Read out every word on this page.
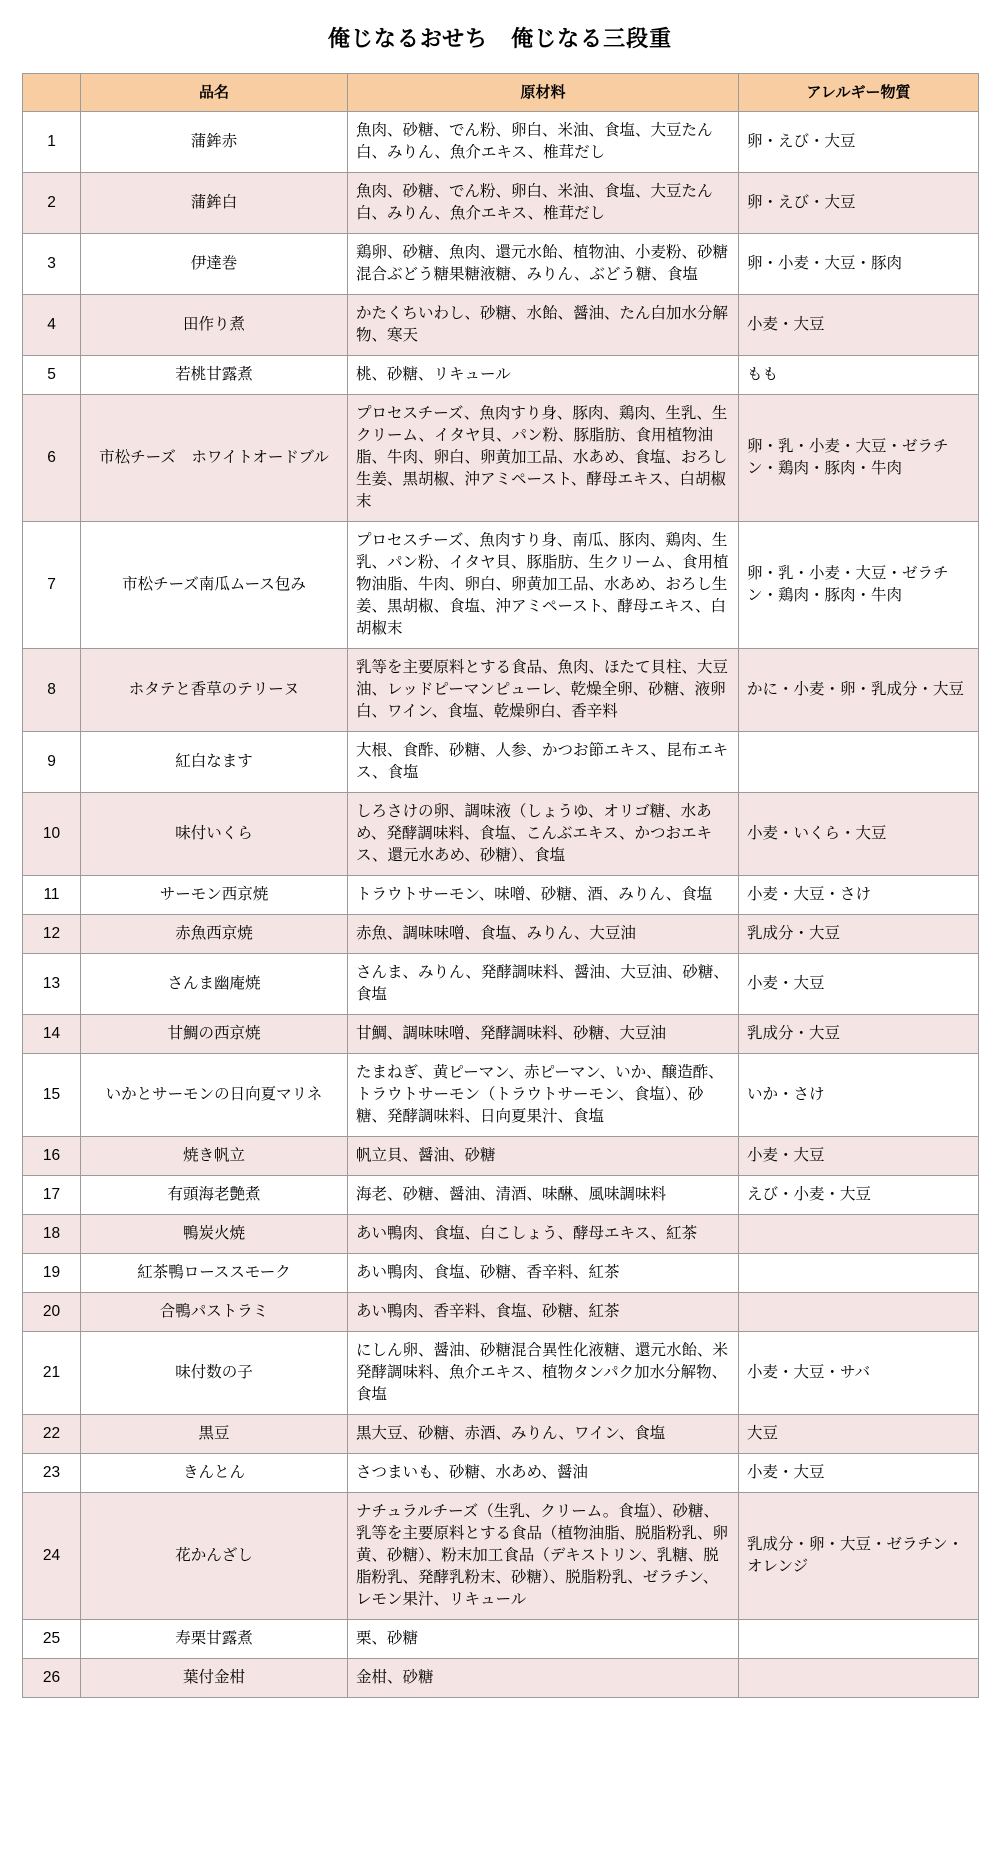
俺じなるおせち　俺じなる三段重
	品名	原材料	アレルギー物質
1	蒲鉾赤	魚肉、砂糖、でん粉、卵白、米油、食塩、大豆たん白、みりん、魚介エキス、椎茸だし	卵・えび・大豆
2	蒲鉾白	魚肉、砂糖、でん粉、卵白、米油、食塩、大豆たん白、みりん、魚介エキス、椎茸だし	卵・えび・大豆
3	伊達巻	鶏卵、砂糖、魚肉、還元水飴、植物油、小麦粉、砂糖混合ぶどう糖果糖液糖、みりん、ぶどう糖、食塩	卵・小麦・大豆・豚肉
4	田作り煮	かたくちいわし、砂糖、水飴、醤油、たん白加水分解物、寒天	小麦・大豆
5	若桃甘露煮	桃、砂糖、リキュール	もも
6	市松チーズ　ホワイトオードブル	プロセスチーズ、魚肉すり身、豚肉、鶏肉、生乳、生クリーム、イタヤ貝、パン粉、豚脂肪、食用植物油脂、牛肉、卵白、卵黄加工品、水あめ、食塩、おろし生姜、黒胡椒、沖アミペースト、酵母エキス、白胡椒末	卵・乳・小麦・大豆・ゼラチン・鶏肉・豚肉・牛肉
7	市松チーズ南瓜ムース包み	プロセスチーズ、魚肉すり身、南瓜、豚肉、鶏肉、生乳、パン粉、イタヤ貝、豚脂肪、生クリーム、食用植物油脂、牛肉、卵白、卵黄加工品、水あめ、おろし生姜、黒胡椒、食塩、沖アミペースト、酵母エキス、白胡椒末	卵・乳・小麦・大豆・ゼラチン・鶏肉・豚肉・牛肉
8	ホタテと香草のテリーヌ	乳等を主要原料とする食品、魚肉、ほたて貝柱、大豆油、レッドピーマンピューレ、乾燥全卵、砂糖、液卵白、ワイン、食塩、乾燥卵白、香辛料	かに・小麦・卵・乳成分・大豆
9	紅白なます	大根、食酢、砂糖、人参、かつお節エキス、昆布エキス、食塩	
10	味付いくら	しろさけの卵、調味液（しょうゆ、オリゴ糖、水あめ、発酵調味料、食塩、こんぶエキス、かつおエキス、還元水あめ、砂糖）、食塩	小麦・いくら・大豆
11	サーモン西京焼	トラウトサーモン、味噌、砂糖、酒、みりん、食塩	小麦・大豆・さけ
12	赤魚西京焼	赤魚、調味味噌、食塩、みりん、大豆油	乳成分・大豆
13	さんま幽庵焼	さんま、みりん、発酵調味料、醤油、大豆油、砂糖、食塩	小麦・大豆
14	甘鯛の西京焼	甘鯛、調味味噌、発酵調味料、砂糖、大豆油	乳成分・大豆
15	いかとサーモンの日向夏マリネ	たまねぎ、黄ピーマン、赤ピーマン、いか、醸造酢、トラウトサーモン（トラウトサーモン、食塩）、砂糖、発酵調味料、日向夏果汁、食塩	いか・さけ
16	焼き帆立	帆立貝、醤油、砂糖	小麦・大豆
17	有頭海老艶煮	海老、砂糖、醤油、清酒、味醂、風味調味料	えび・小麦・大豆
18	鴨炭火焼	あい鴨肉、食塩、白こしょう、酵母エキス、紅茶	
19	紅茶鴨ローススモーク	あい鴨肉、食塩、砂糖、香辛料、紅茶	
20	合鴨パストラミ	あい鴨肉、香辛料、食塩、砂糖、紅茶	
21	味付数の子	にしん卵、醤油、砂糖混合異性化液糖、還元水飴、米発酵調味料、魚介エキス、植物タンパク加水分解物、食塩	小麦・大豆・サバ
22	黒豆	黒大豆、砂糖、赤酒、みりん、ワイン、食塩	大豆
23	きんとん	さつまいも、砂糖、水あめ、醤油	小麦・大豆
24	花かんざし	ナチュラルチーズ（生乳、クリーム。食塩）、砂糖、乳等を主要原料とする食品（植物油脂、脱脂粉乳、卵黄、砂糖）、粉末加工食品（デキストリン、乳糖、脱脂粉乳、発酵乳粉末、砂糖）、脱脂粉乳、ゼラチン、レモン果汁、リキュール	乳成分・卵・大豆・ゼラチン・オレンジ
25	寿栗甘露煮	栗、砂糖	
26	葉付金柑	金柑、砂糖	
